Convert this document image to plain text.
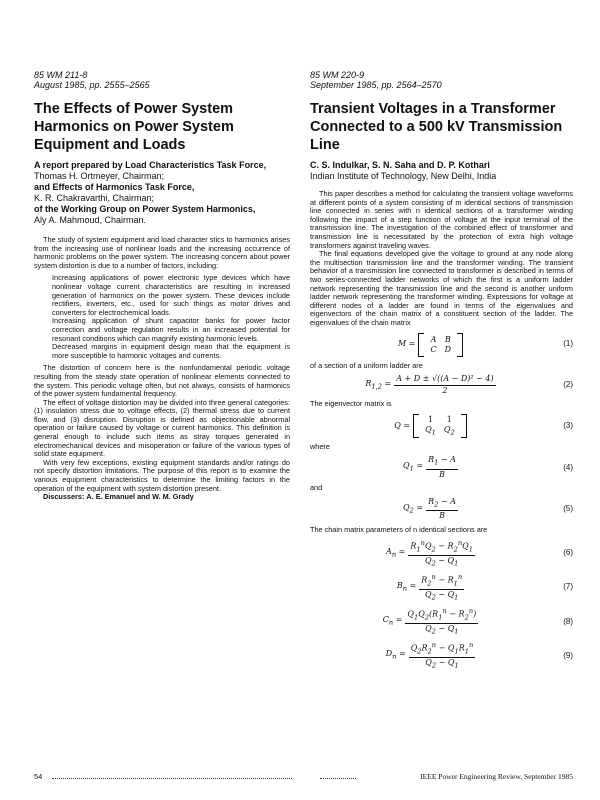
85 WM 211-8

August 1985, pp. 2555–2565

The Effects of Power System Harmonics on Power System Equipment and Loads

A report prepared by Load Characteristics Task Force,

Thomas H. Ortmeyer, Chairman;

and Effects of Harmonics Task Force,

K. R. Chakravarthi, Chairman;

of the Working Group on Power System Harmonics,

Aly A. Mahmoud, Chairman.

The study of system equipment and load character stics to harmonics arises from the increasing use of nonlinear loads and the increasing occurrence of harmonic problems on the power system. The increasing concern about power system distortion is due to a number of factors, including:

Increasing applications of power electronic type devices which have nonlinear voltage current characteristics are resulting in increased generation of harmonics on the power system. These devices include rectifiers, inverters, etc., used for such things as motor drives and converters for electrochemical loads.
Increasing application of shunt capacitor banks for power factor correction and voltage regulation results in an increased potential for resonant conditions which can magnify existing harmonic levels.
Decreased margins in equipment design mean that the equipment is more susceptible to harmonic voltages and currents.

The distortion of concern here is the nonfundamental periodic voltage resulting from the steady state operation of nonlinear elements connected to the system. This periodic voltage often, but not always, consists of harmonics of the power system fundamental frequency.

The effect of voltage distortion may be divided into three general categories: (1) insulation stress due to voltage effects, (2) thermal stress due to current flow, and (3) disruption. Disruption is defined as objectionable abnormal operation or failure caused by voltage or current harmonics. This definition is general enough to include such items as stray torques generated in electromechanical devices and misoperation or failure of the various types of solid state equipment.

With very few exceptions, existing equipment standards and/or ratings do not specify distortion limitations. The purpose of this report is to examine the various equipment characteristics to determine the limiting factors in the operation of the equipment with system distortion present.

Discussers: A. E. Emanuel and W. M. Grady

85 WM 220-9

September 1985, pp. 2564–2570

Transient Voltages in a Transformer Connected to a 500 kV Transmission Line

C. S. Indulkar, S. N. Saha and D. P. Kothari

Indian Institute of Technology, New Delhi, India

This paper describes a method for calculating the transient voltage waveforms at different points of a system consisting of m identical sections of transmission line connected in series with n identical sections of a transformer winding following the impact of a step function of voltage at the input terminal of the transmission line. The investigation of the combined effect of transformer and transmission line is necessitated by the protection of extra high voltage transformers against traveling waves.

The final equations developed give the voltage to ground at any node along the multisection transmission line and the transformer winding. The transient behavior of a transmission line connected to transformer is described in terms of two series-connected ladder networks of which the first is a uniform ladder network representing the transmission line and the second is another uniform ladder network representing the transformer winding. Expressions for voltage at different nodes of a ladder are found in terms of the eigenvalues and eigenvectors of the chain matrix of a constituent section of the ladder. The eigenvalues of the chain matrix

M =
A	B
C	D
(1)
of a section of a uniform ladder are
$R_{1,2} = \frac{\text{A + D ± √((A − D)² − 4)}}{2}$	(2)
The eigenvector matrix is
Q =
1	1
$Q_1$	$Q_2$
(3)
where
$Q_1 = \frac{R_1 - A}{B}$	(4)
and
$Q_2 = \frac{R_2 - A}{B}$	(5)
The chain matrix parameters of n identical sections are
$A_n = \frac{R_1^nQ_2 - R_2^nQ_1}{Q_2 - Q_1}$	(6)
$B_n = \frac{R_2^n - R_1^n}{Q_2 - Q_1}$	(7)
$C_n = \frac{Q_1Q_2(R_1^n - R_2^n)}{Q_2 - Q_1}$	(8)
$D_n = \frac{Q_2R_2^n - Q_1R_1^n}{Q_2 - Q_1}$	(9)
54	IEEE Power Engineering Review, September 1985
